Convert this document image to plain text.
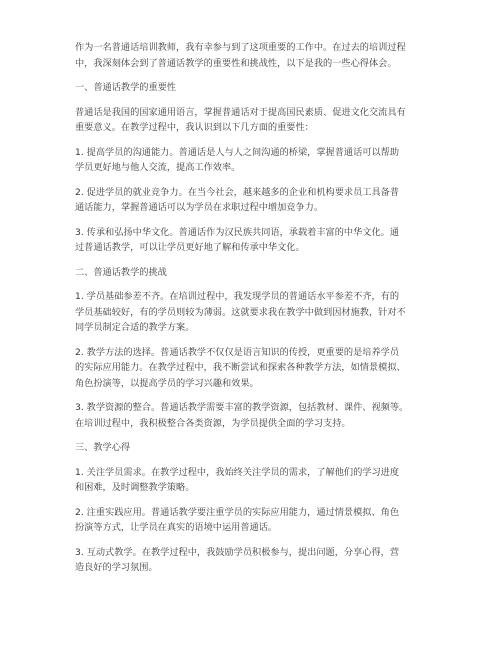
作为一名普通话培训教师，我有幸参与到了这项重要的工作中。在过去的培训过程
中，我深刻体会到了普通话教学的重要性和挑战性，以下是我的一些心得体会。

一、普通话教学的重要性

普通话是我国的国家通用语言，掌握普通话对于提高国民素质、促进文化交流具有
重要意义。在教学过程中，我认识到以下几方面的重要性：

1. 提高学员的沟通能力。普通话是人与人之间沟通的桥梁，掌握普通话可以帮助
学员更好地与他人交流，提高工作效率。

2. 促进学员的就业竞争力。在当今社会，越来越多的企业和机构要求员工具备普
通话能力，掌握普通话可以为学员在求职过程中增加竞争力。

3. 传承和弘扬中华文化。普通话作为汉民族共同语，承载着丰富的中华文化。通
过普通话教学，可以让学员更好地了解和传承中华文化。

二、普通话教学的挑战

1. 学员基础参差不齐。在培训过程中，我发现学员的普通话水平参差不齐，有的
学员基础较好，有的学员则较为薄弱。这就要求我在教学中做到因材施教，针对不
同学员制定合适的教学方案。

2. 教学方法的选择。普通话教学不仅仅是语言知识的传授，更重要的是培养学员
的实际应用能力。在教学过程中，我不断尝试和探索各种教学方法，如情景模拟、
角色扮演等，以提高学员的学习兴趣和效果。

3. 教学资源的整合。普通话教学需要丰富的教学资源，包括教材、课件、视频等。
在培训过程中，我积极整合各类资源，为学员提供全面的学习支持。

三、教学心得

1. 关注学员需求。在教学过程中，我始终关注学员的需求，了解他们的学习进度
和困难，及时调整教学策略。

2. 注重实践应用。普通话教学要注重学员的实际应用能力，通过情景模拟、角色
扮演等方式，让学员在真实的语境中运用普通话。

3. 互动式教学。在教学过程中，我鼓励学员积极参与，提出问题，分享心得，营
造良好的学习氛围。
